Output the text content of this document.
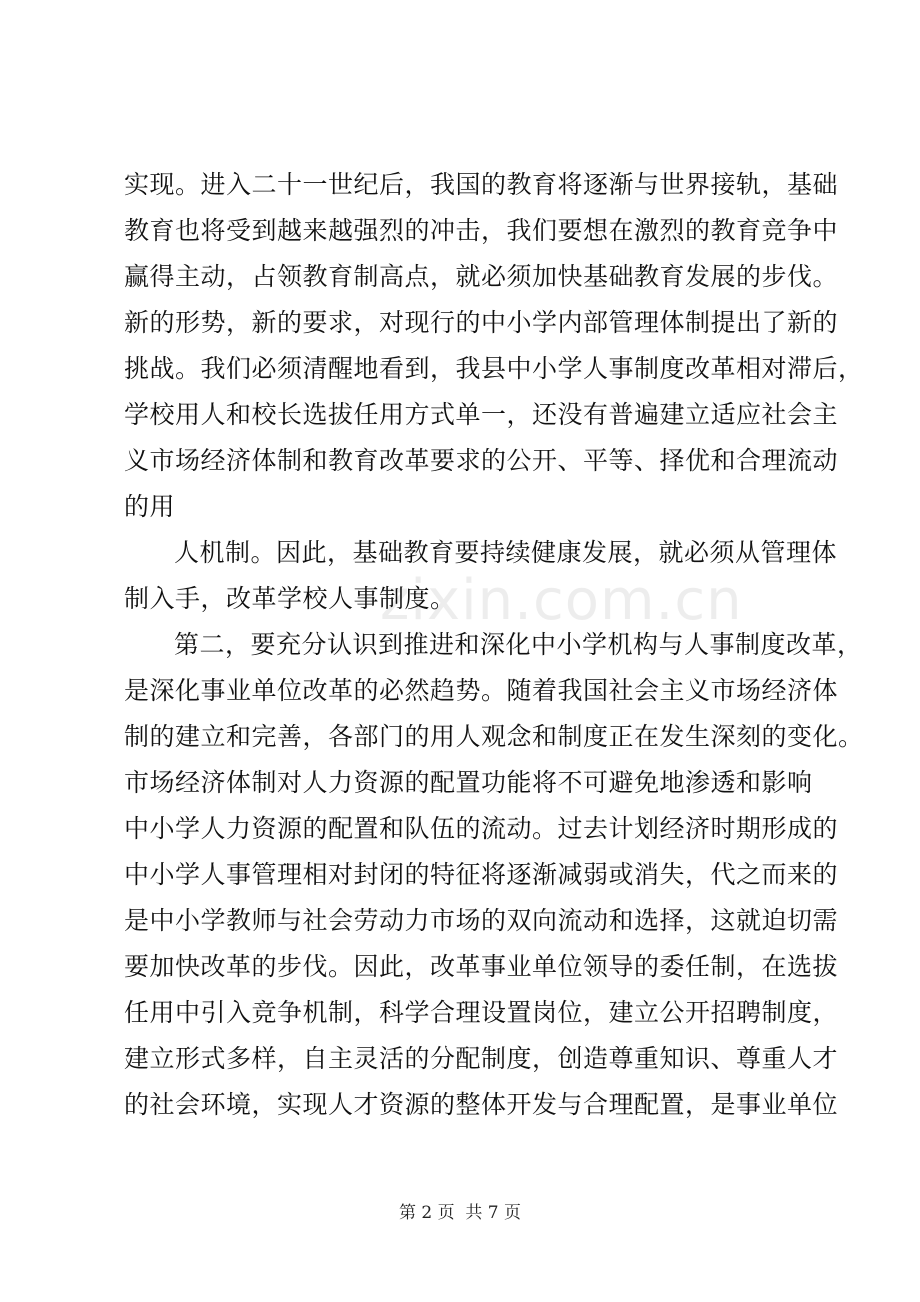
zixin.com.cn
实现。进入二十一世纪后，我国的教育将逐渐与世界接轨，基础
教育也将受到越来越强烈的冲击，我们要想在激烈的教育竞争中
赢得主动，占领教育制高点，就必须加快基础教育发展的步伐。
新的形势，新的要求，对现行的中小学内部管理体制提出了新的
挑战。我们必须清醒地看到，我县中小学人事制度改革相对滞后，
学校用人和校长选拔任用方式单一，还没有普遍建立适应社会主
义市场经济体制和教育改革要求的公开、平等、择优和合理流动
的用
人机制。因此，基础教育要持续健康发展，就必须从管理体
制入手，改革学校人事制度。
第二，要充分认识到推进和深化中小学机构与人事制度改革，
是深化事业单位改革的必然趋势。随着我国社会主义市场经济体
制的建立和完善，各部门的用人观念和制度正在发生深刻的变化。
市场经济体制对人力资源的配置功能将不可避免地渗透和影响
中小学人力资源的配置和队伍的流动。过去计划经济时期形成的
中小学人事管理相对封闭的特征将逐渐减弱或消失，代之而来的
是中小学教师与社会劳动力市场的双向流动和选择，这就迫切需
要加快改革的步伐。因此，改革事业单位领导的委任制，在选拔
任用中引入竞争机制，科学合理设置岗位，建立公开招聘制度，
建立形式多样，自主灵活的分配制度，创造尊重知识、尊重人才
的社会环境，实现人才资源的整体开发与合理配置，是事业单位
第 2 页  共 7 页
